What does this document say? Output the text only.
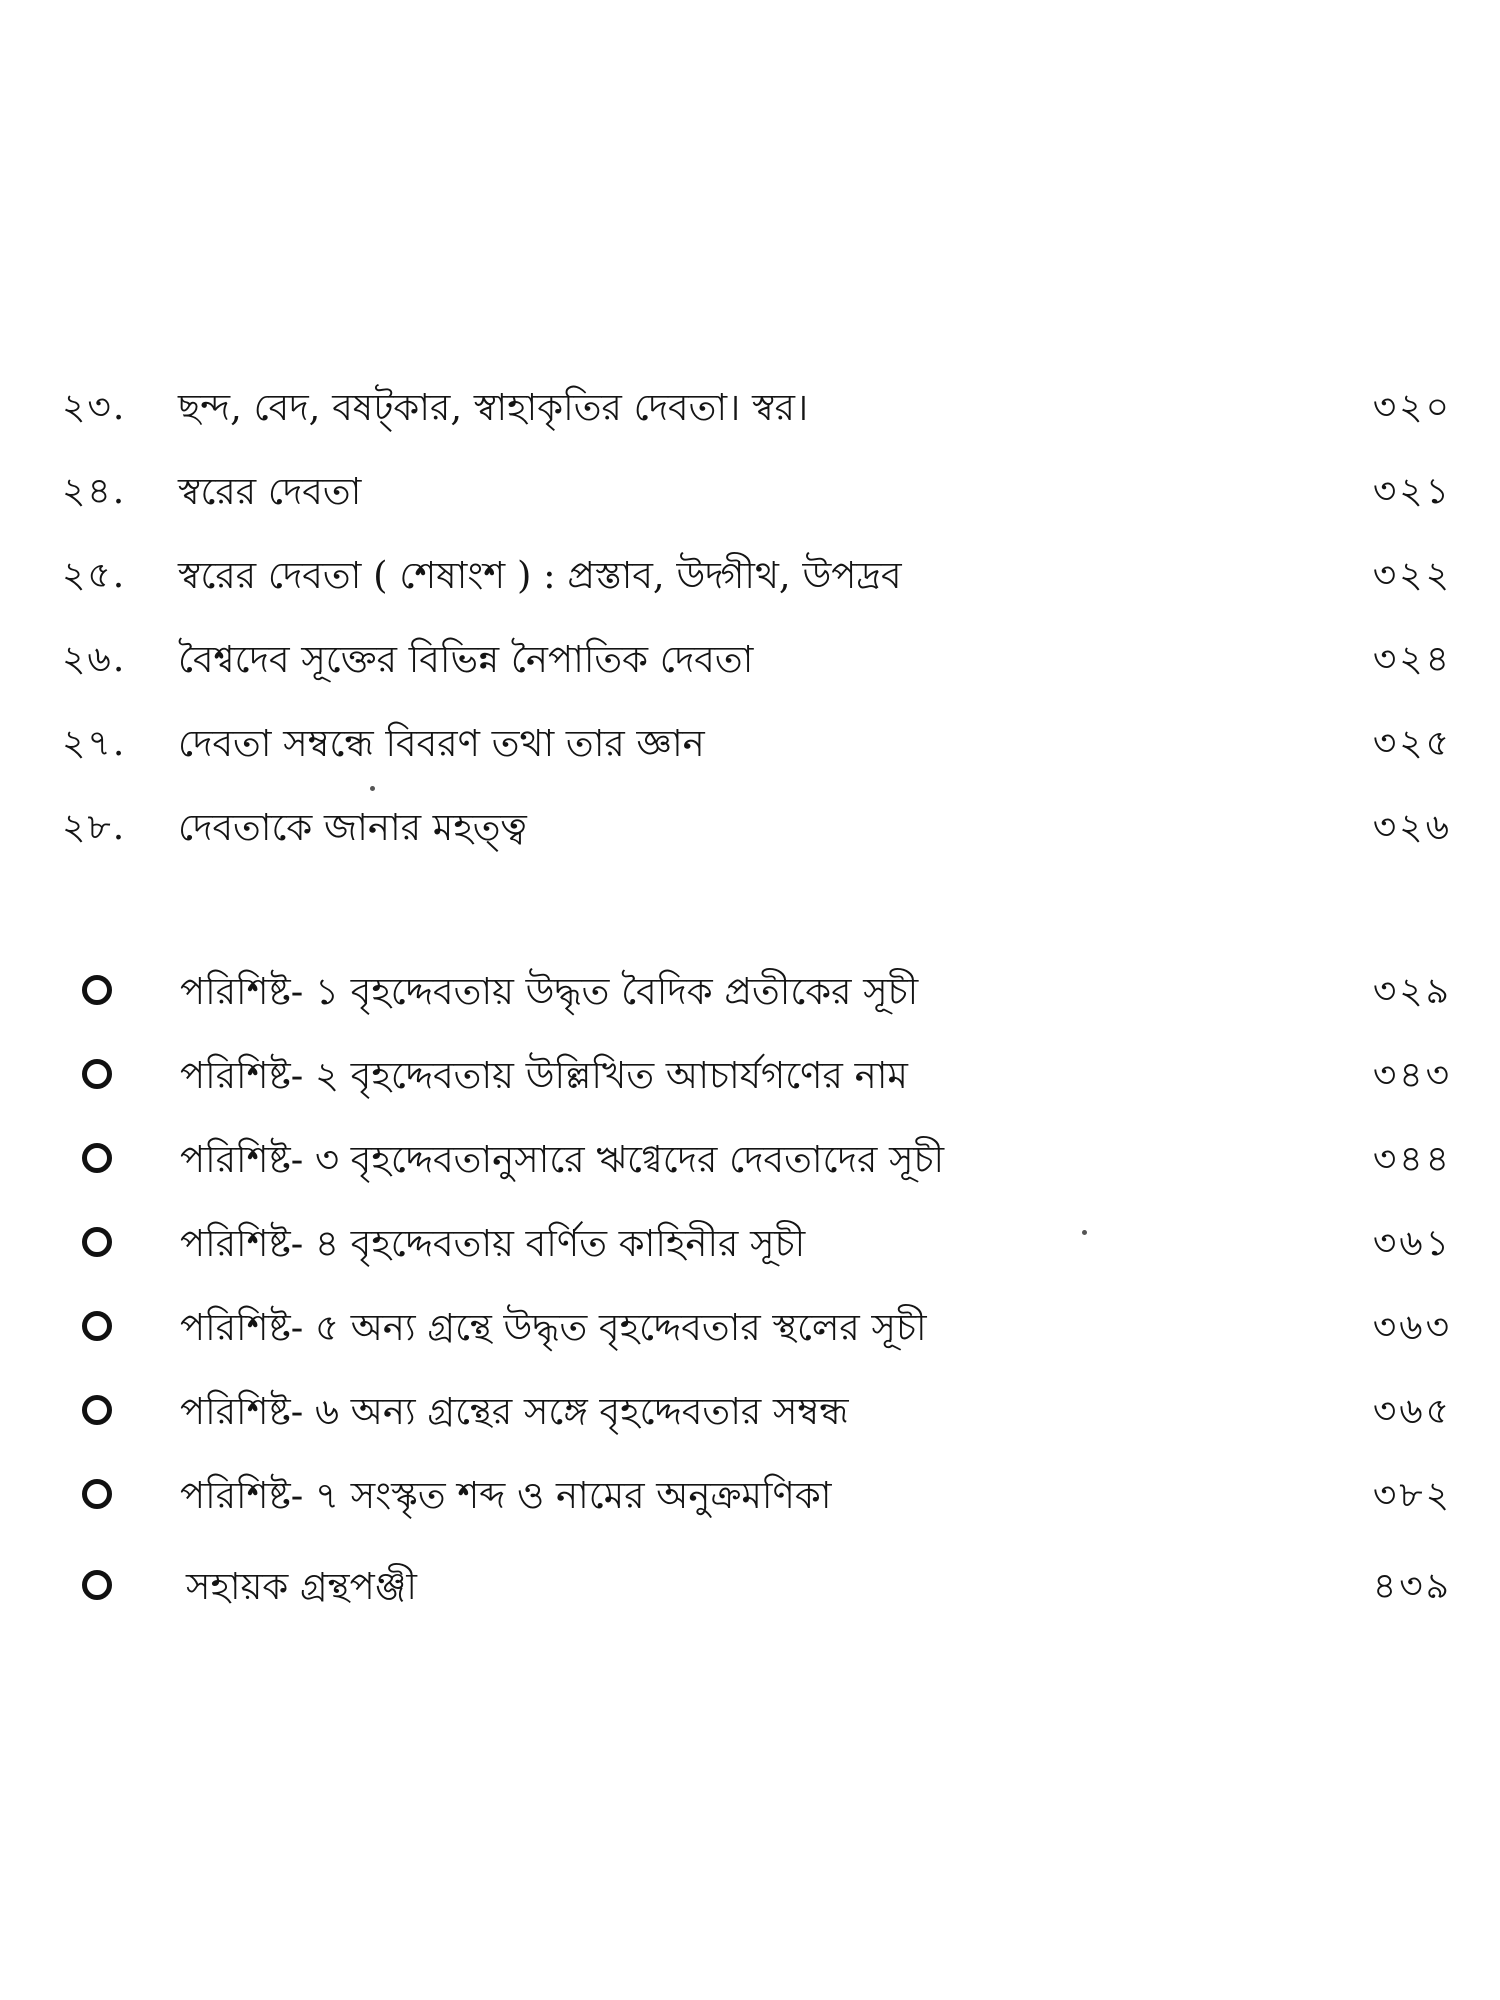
২৩. ছন্দ, বেদ, বষট্কার, স্বাহাকৃতির দেবতা। স্বর।	৩২০
২৪. স্বরের দেবতা	৩২১
২৫. স্বরের দেবতা ( শেষাংশ ) : প্রস্তাব, উদ্গীথ, উপদ্রব	৩২২
২৬. বৈশ্বদেব সূক্তের বিভিন্ন নৈপাতিক দেবতা	৩২৪
২৭. দেবতা সম্বন্ধে বিবরণ তথা তার জ্ঞান	৩২৫
২৮. দেবতাকে জানার মহত্ত্ব	৩২৬
পরিশিষ্ট- ১ বৃহদ্দেবতায় উদ্ধৃত বৈদিক প্রতীকের সূচী	৩২৯
পরিশিষ্ট- ২ বৃহদ্দেবতায় উল্লিখিত আচার্যগণের নাম	৩৪৩
পরিশিষ্ট- ৩ বৃহদ্দেবতানুসারে ঋগ্বেদের দেবতাদের সূচী	৩৪৪
পরিশিষ্ট- ৪ বৃহদ্দেবতায় বর্ণিত কাহিনীর সূচী	৩৬১
পরিশিষ্ট- ৫ অন্য গ্রন্থে উদ্ধৃত বৃহদ্দেবতার স্থলের সূচী	৩৬৩
পরিশিষ্ট- ৬ অন্য গ্রন্থের সঙ্গে বৃহদ্দেবতার সম্বন্ধ	৩৬৫
পরিশিষ্ট- ৭ সংস্কৃত শব্দ ও নামের অনুক্রমণিকা	৩৮২
সহায়ক গ্রন্থপঞ্জী	৪৩৯
